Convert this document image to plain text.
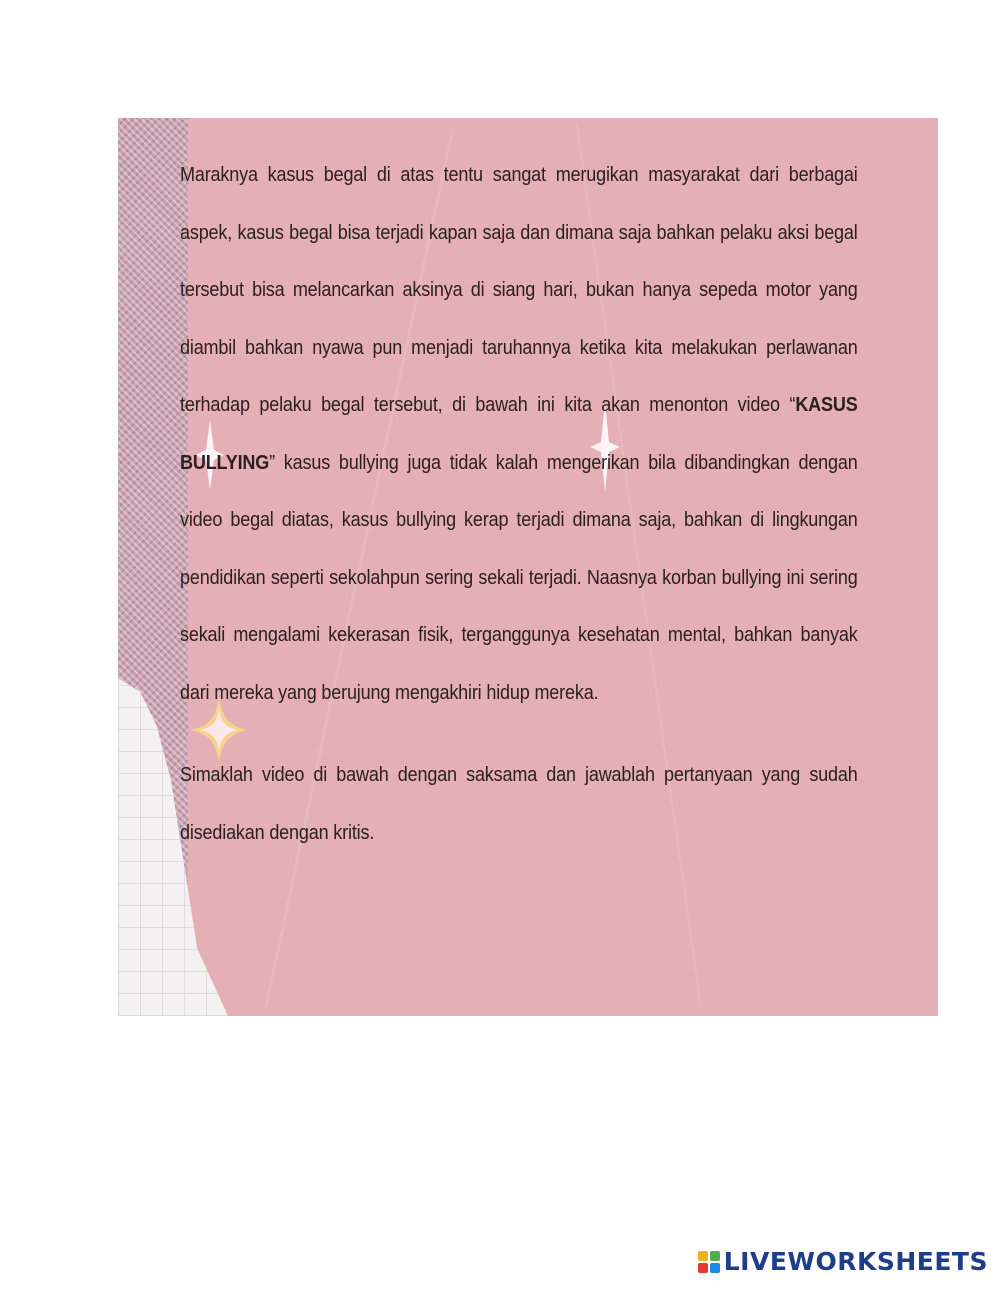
Maraknya kasus begal di atas tentu sangat merugikan masyarakat dari berbagai aspek, kasus begal bisa terjadi kapan saja dan dimana saja bahkan pelaku aksi begal tersebut bisa melancarkan aksinya di siang hari, bukan hanya sepeda motor yang diambil bahkan nyawa pun menjadi taruhannya ketika kita melakukan perlawanan terhadap pelaku begal tersebut, di bawah ini kita akan menonton video “KASUS BULLYING” kasus bullying juga tidak kalah mengerikan bila dibandingkan dengan video begal diatas, kasus bullying kerap terjadi dimana saja, bahkan di lingkungan pendidikan seperti sekolahpun sering sekali terjadi. Naasnya korban bullying ini sering sekali mengalami kekerasan fisik, terganggunya kesehatan mental, bahkan banyak dari mereka yang berujung mengakhiri hidup mereka.
Simaklah video di bawah dengan saksama dan jawablah pertanyaan yang sudah disediakan dengan kritis.
LIVEWORKSHEETS
